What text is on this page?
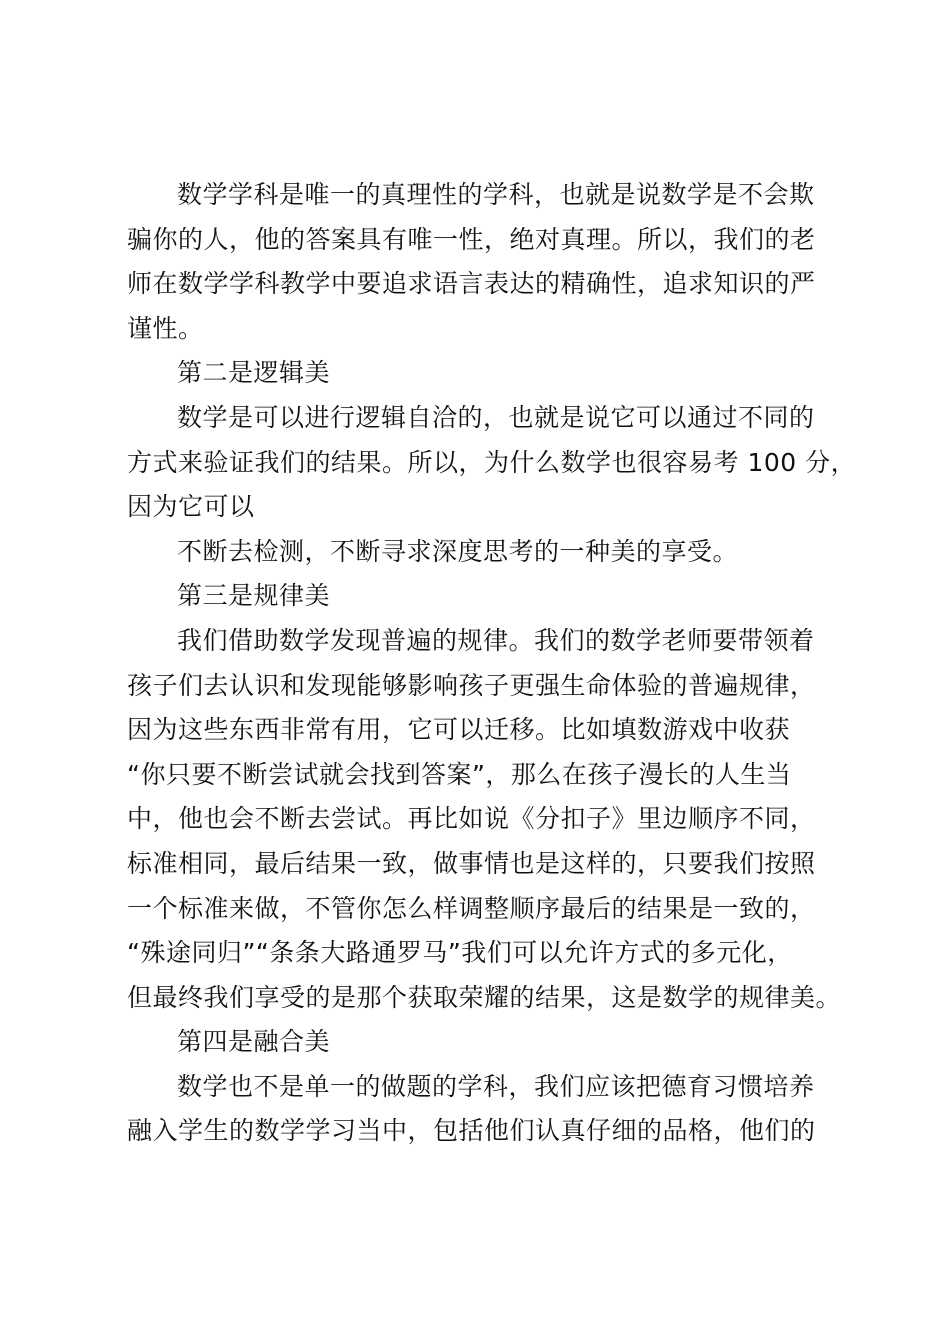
数学学科是唯一的真理性的学科，也就是说数学是不会欺
骗你的人，他的答案具有唯一性，绝对真理。所以，我们的老
师在数学学科教学中要追求语言表达的精确性，追求知识的严
谨性。
第二是逻辑美
数学是可以进行逻辑自洽的，也就是说它可以通过不同的
方式来验证我们的结果。所以，为什么数学也很容易考 100 分，
因为它可以
不断去检测，不断寻求深度思考的一种美的享受。
第三是规律美
我们借助数学发现普遍的规律。我们的数学老师要带领着
孩子们去认识和发现能够影响孩子更强生命体验的普遍规律，
因为这些东西非常有用，它可以迁移。比如填数游戏中收获
“你只要不断尝试就会找到答案”，那么在孩子漫长的人生当
中，他也会不断去尝试。再比如说《分扣子》里边顺序不同，
标准相同，最后结果一致，做事情也是这样的，只要我们按照
一个标准来做，不管你怎么样调整顺序最后的结果是一致的，
“殊途同归”“条条大路通罗马”我们可以允许方式的多元化，
但最终我们享受的是那个获取荣耀的结果，这是数学的规律美。
第四是融合美
数学也不是单一的做题的学科，我们应该把德育习惯培养
融入学生的数学学习当中，包括他们认真仔细的品格，他们的
